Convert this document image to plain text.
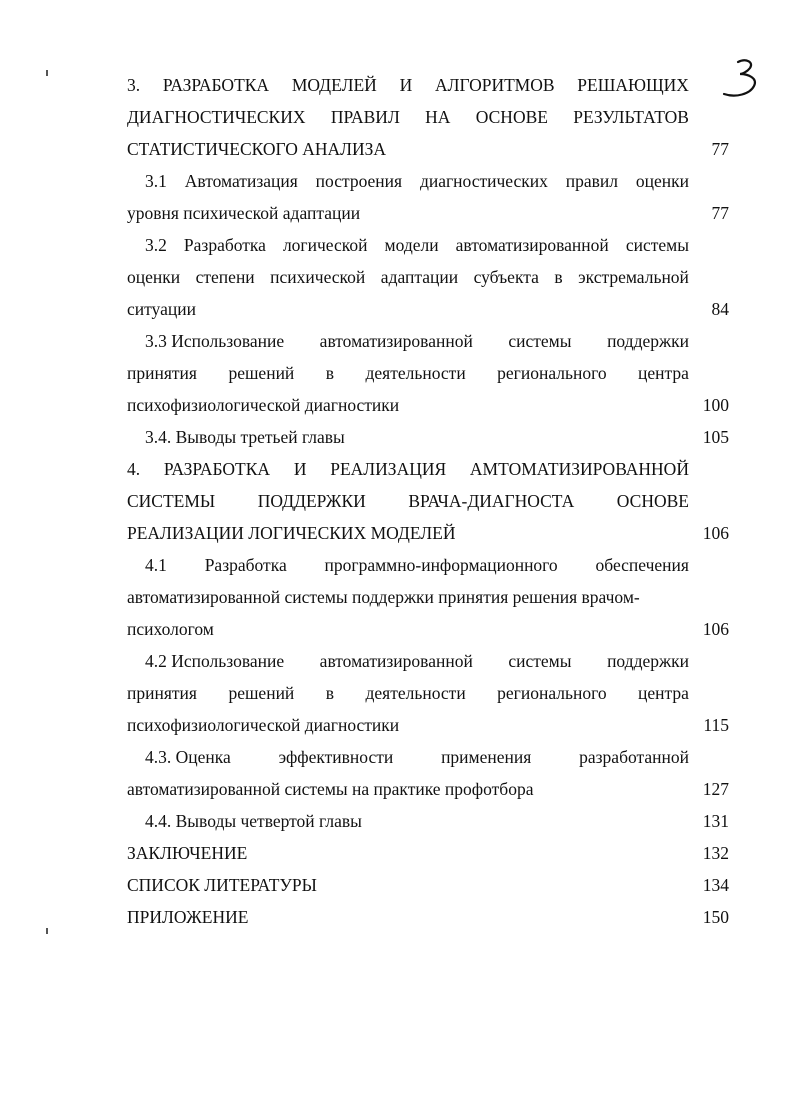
3. РАЗРАБОТКА МОДЕЛЕЙ И АЛГОРИТМОВ РЕШАЮЩИХ
ДИАГНОСТИЧЕСКИХ ПРАВИЛ НА ОСНОВЕ РЕЗУЛЬТАТОВ
СТАТИСТИЧЕСКОГО АНАЛИЗА	77
3.1 Автоматизация построения диагностических правил оценки
уровня психической адаптации	77
3.2 Разработка логической модели автоматизированной системы
оценки степени психической адаптации субъекта в экстремальной
ситуации	84
3.3 Использование автоматизированной системы поддержки
принятия решений в деятельности регионального центра
психофизиологической диагностики	100
3.4. Выводы третьей главы	105
4. РАЗРАБОТКА И РЕАЛИЗАЦИЯ АМТОМАТИЗИРОВАННОЙ
СИСТЕМЫ ПОДДЕРЖКИ ВРАЧА-ДИАГНОСТА ОСНОВЕ
РЕАЛИЗАЦИИ ЛОГИЧЕСКИХ МОДЕЛЕЙ	106
4.1 Разработка программно-информационного обеспечения
автоматизированной системы поддержки принятия решения врачом-
психологом	106
4.2 Использование автоматизированной системы поддержки
принятия решений в деятельности регионального центра
психофизиологической диагностики	115
4.3. Оценка	эффективности	применения	разработанной
автоматизированной системы на практике профотбора	127
4.4. Выводы четвертой главы	131
ЗАКЛЮЧЕНИЕ	132
СПИСОК ЛИТЕРАТУРЫ	134
ПРИЛОЖЕНИЕ	150
